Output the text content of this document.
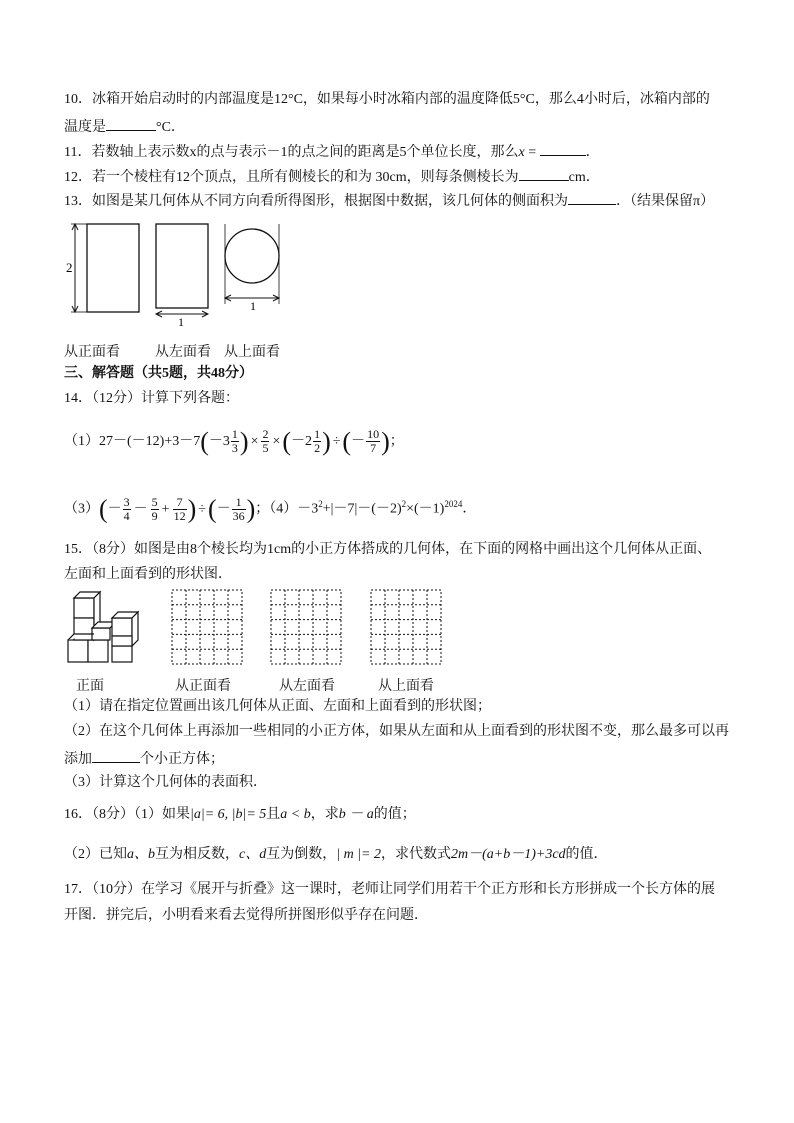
10．冰箱开始启动时的内部温度是12°C，如果每小时冰箱内部的温度降低5°C，那么4小时后，冰箱内部的
温度是	°C．
11．若数轴上表示数x的点与表示－1的点之间的距离是5个单位长度，那么x =	．
12．若一个棱柱有12个顶点，且所有侧棱长的和为 30cm，则每条侧棱长为	cm．
13．如图是某几何体从不同方向看所得图形，根据图中数据，该几何体的侧面积为	．（结果保留π）
2
1
1
从正面看	从左面看 从上面看
三、解答题（共5题，共48分）
14．（12分）计算下列各题：
$(1)27-(-12)+3-7(-3 \frac{1}{3}$ ) × $\frac{2}{5} \times(-2 \frac{1}{2}$ ) ÷(－ $\frac{10}{7}$ )；
$(3)(- \frac{3}{4} - \frac{5}{9} + \frac{7}{12}$ ) ÷(－ $\frac{1}{36}$ )；$(4)-3^2+|-7|-(-2)^2\times(-1)^{2024}$．
15．（8分）如图是由8个棱长均为1cm的小正方体搭成的几何体，在下面的网格中画出这个几何体从正面、
左面和上面看到的形状图．
正面	从正面看	从左面看	从上面看
（1）请在指定位置画出该几何体从正面、左面和上面看到的形状图；
（2）在这个几何体上再添加一些相同的小正方体，如果从左面和从上面看到的形状图不变，那么最多可以再
添加	个小正方体；
（3）计算这个几何体的表面积．
16．（8分）（1）如果|a|= 6, |b|= 5且a < b，求b － a的值；
（2）已知a、b互为相反数，c、d互为倒数，| m |= 2，求代数式2m－(a+b－1)+3cd的值．
17．（10分）在学习《展开与折叠》这一课时，老师让同学们用若干个正方形和长方形拼成一个长方体的展
开图．拼完后，小明看来看去觉得所拼图形似乎存在问题．
